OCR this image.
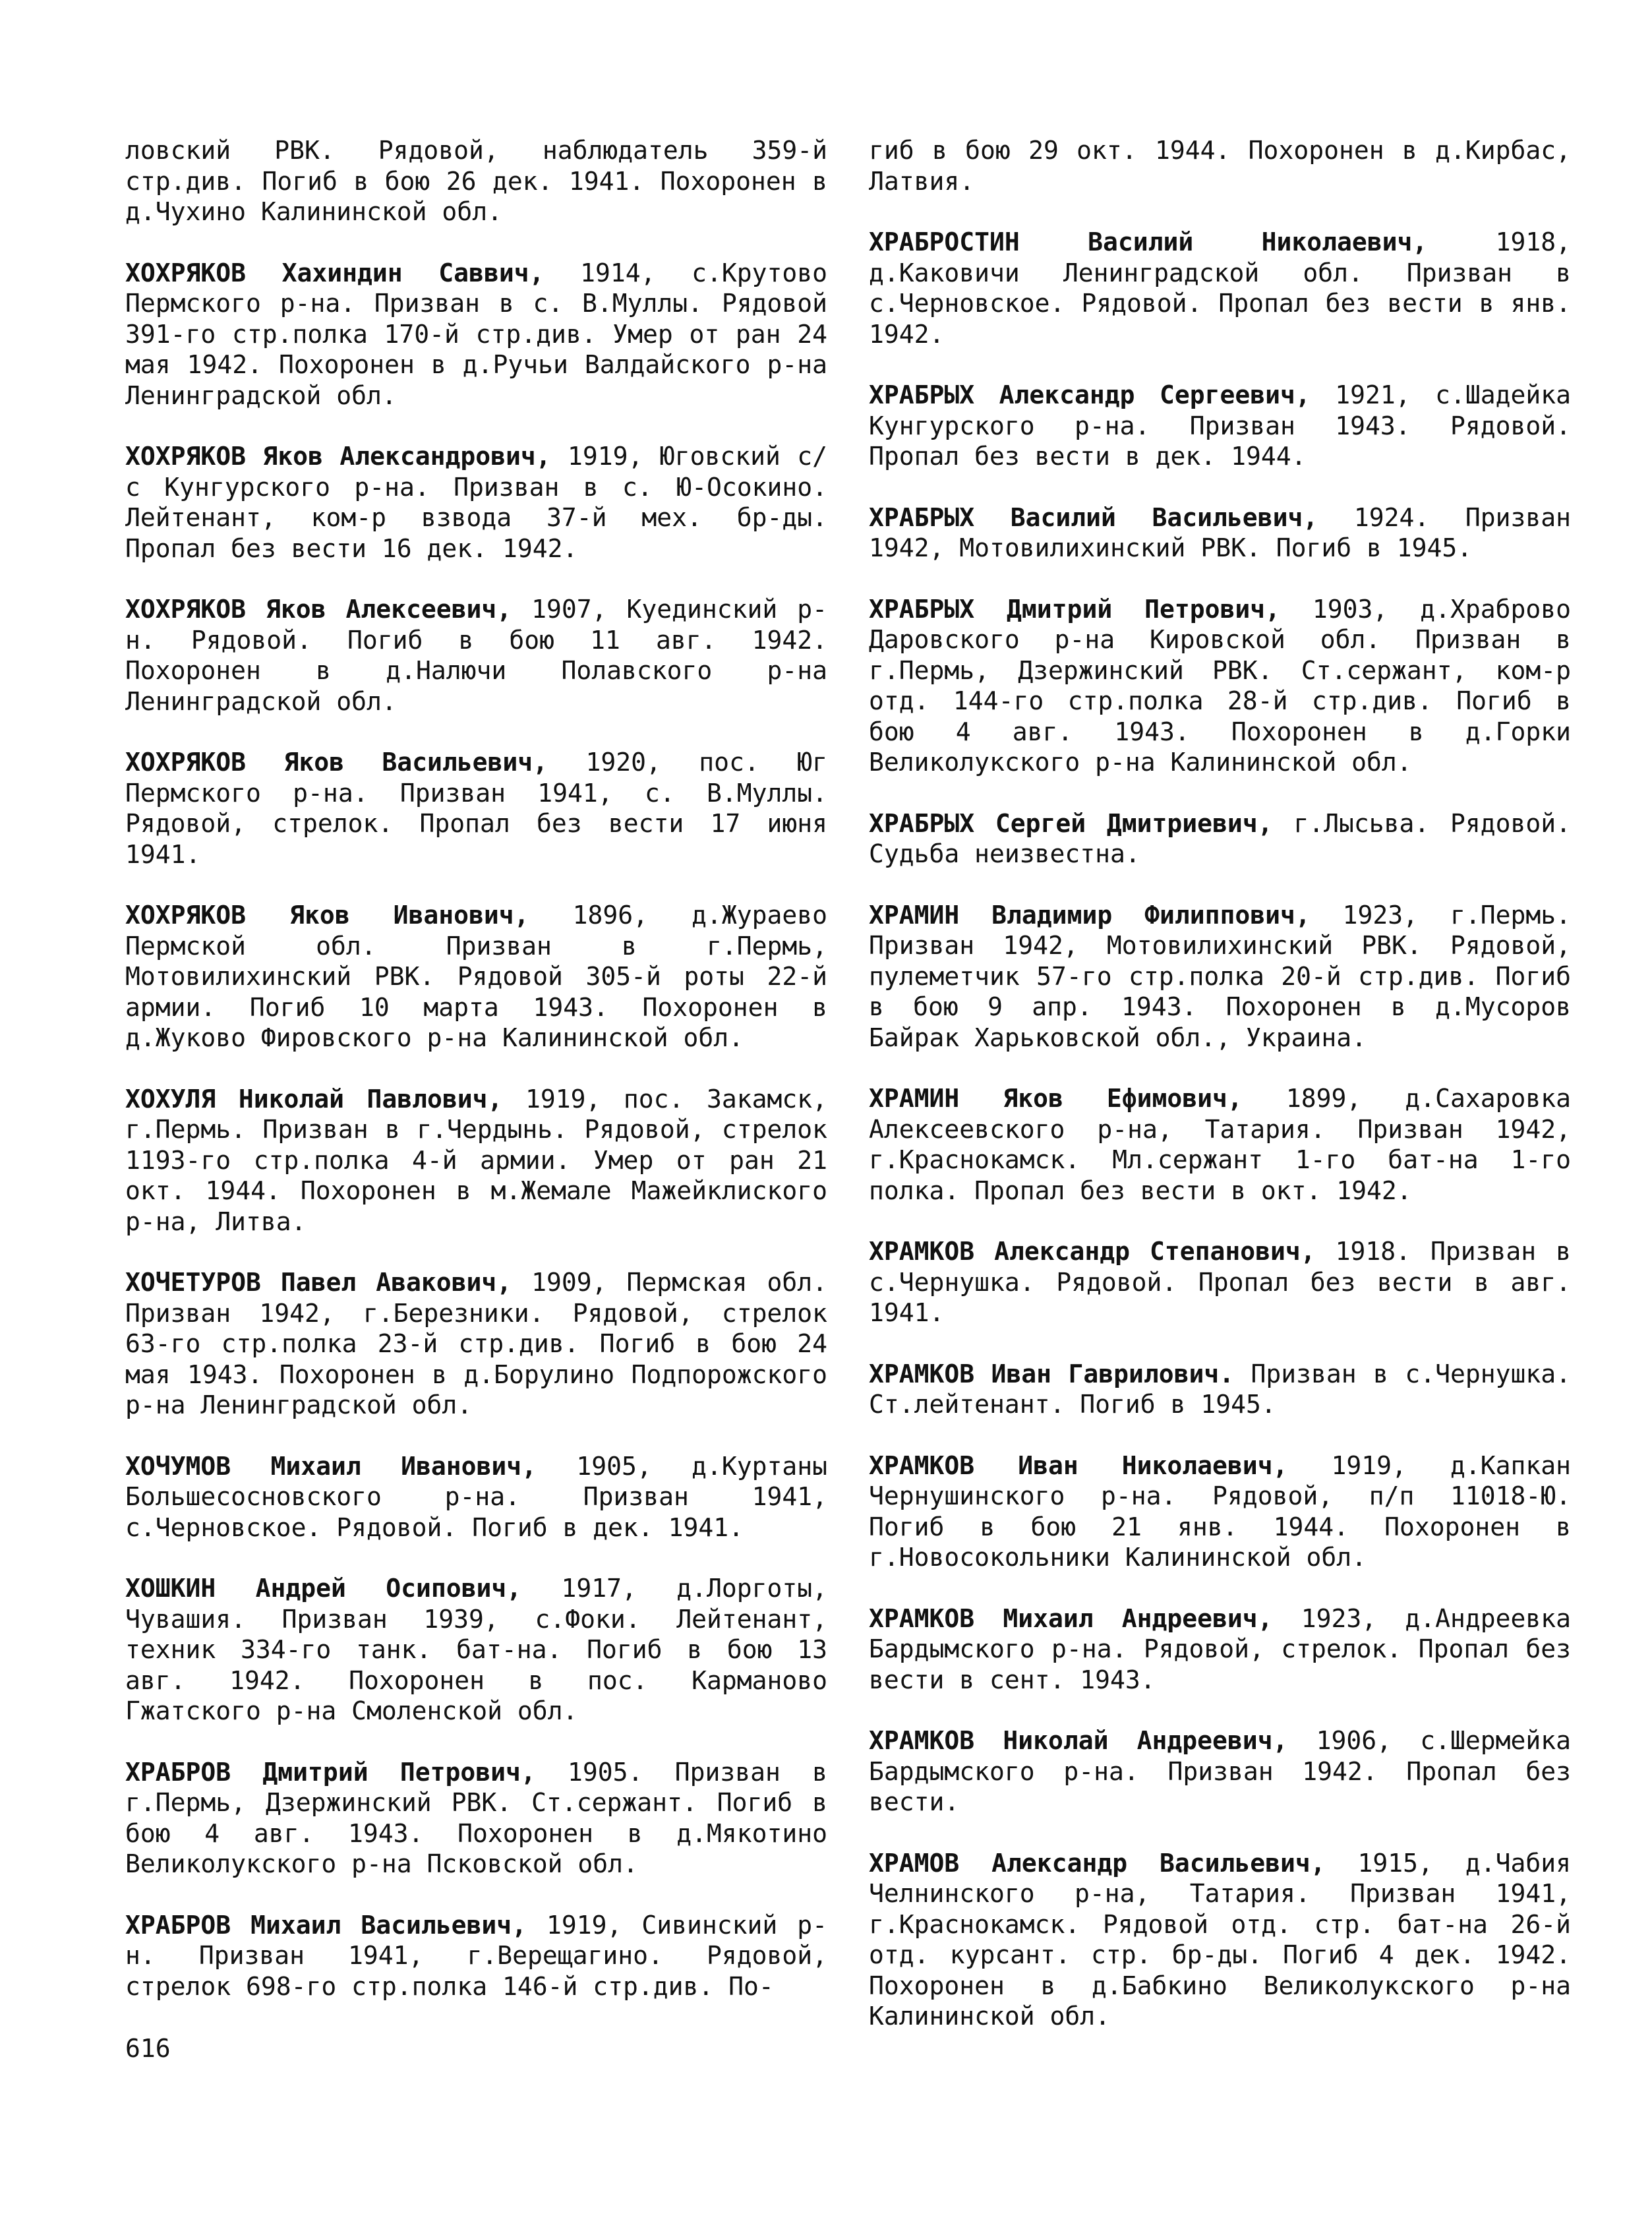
ловский РВК. Рядовой, наблюдатель 359-й стр.див. Погиб в бою 26 дек. 1941. Похоронен в д.Чухино Калининской обл.

ХОХРЯКОВ Хахиндин Саввич, 1914, с.Крутово Пермского р-на. Призван в с. В.Муллы. Рядовой 391-го стр.полка 170-й стр.див. Умер от ран 24 мая 1942. Похоронен в д.Ручьи Валдайского р-на Ленинградской обл.

ХОХРЯКОВ Яков Александрович, 1919, Юговский с/с Кунгурского р-на. Призван в с. Ю-Осокино. Лейтенант, ком-р взвода 37-й мех. бр-ды. Пропал без вести 16 дек. 1942.

ХОХРЯКОВ Яков Алексеевич, 1907, Куединский р-н. Рядовой. Погиб в бою 11 авг. 1942. Похоронен в д.Налючи Полавского р-на Ленинградской обл.

ХОХРЯКОВ Яков Васильевич, 1920, пос. Юг Пермского р-на. Призван 1941, с. В.Муллы. Рядовой, стрелок. Пропал без вести 17 июня 1941.

ХОХРЯКОВ Яков Иванович, 1896, д.Жураево Пермской обл. Призван в г.Пермь, Мотовилихинский РВК. Рядовой 305-й роты 22-й армии. Погиб 10 марта 1943. Похоронен в д.Жуково Фировского р-на Калининской обл.

ХОХУЛЯ Николай Павлович, 1919, пос. Закамск, г.Пермь. Призван в г.Чердынь. Рядовой, стрелок 1193-го стр.полка 4-й армии. Умер от ран 21 окт. 1944. Похоронен в м.Жемале Мажейклиского р-на, Литва.

ХОЧЕТУРОВ Павел Авакович, 1909, Пермская обл. Призван 1942, г.Березники. Рядовой, стрелок 63-го стр.полка 23-й стр.див. Погиб в бою 24 мая 1943. Похоронен в д.Борулино Подпорожского р-на Ленинградской обл.

ХОЧУМОВ Михаил Иванович, 1905, д.Куртаны Большесосновского р-на. Призван 1941, с.Черновское. Рядовой. Погиб в дек. 1941.

ХОШКИН Андрей Осипович, 1917, д.Лорготы, Чувашия. Призван 1939, с.Фоки. Лейтенант, техник 334-го танк. бат-на. Погиб в бою 13 авг. 1942. Похоронен в пос. Карманово Гжатского р-на Смоленской обл.

ХРАБРОВ Дмитрий Петрович, 1905. Призван в г.Пермь, Дзержинский РВК. Ст.сержант. Погиб в бою 4 авг. 1943. Похоронен в д.Мякотино Великолукского р-на Псковской обл.

ХРАБРОВ Михаил Васильевич, 1919, Сивинский р-н. Призван 1941, г.Верещагино. Рядовой, стрелок 698-го стр.полка 146-й стр.див. По-

гиб в бою 29 окт. 1944. Похоронен в д.Кирбас, Латвия.

ХРАБРОСТИН Василий Николаевич, 1918, д.Каковичи Ленинградской обл. Призван в с.Черновское. Рядовой. Пропал без вести в янв. 1942.

ХРАБРЫХ Александр Сергеевич, 1921, с.Шадейка Кунгурского р-на. Призван 1943. Рядовой. Пропал без вести в дек. 1944.

ХРАБРЫХ Василий Васильевич, 1924. Призван 1942, Мотовилихинский РВК. Погиб в 1945.

ХРАБРЫХ Дмитрий Петрович, 1903, д.Храброво Даровского р-на Кировской обл. Призван в г.Пермь, Дзержинский РВК. Ст.сержант, ком-р отд. 144-го стр.полка 28-й стр.див. Погиб в бою 4 авг. 1943. Похоронен в д.Горки Великолукского р-на Калининской обл.

ХРАБРЫХ Сергей Дмитриевич, г.Лысьва. Рядовой. Судьба неизвестна.

ХРАМИН Владимир Филиппович, 1923, г.Пермь. Призван 1942, Мотовилихинский РВК. Рядовой, пулеметчик 57-го стр.полка 20-й стр.див. Погиб в бою 9 апр. 1943. Похоронен в д.Мусоров Байрак Харьковской обл., Украина.

ХРАМИН Яков Ефимович, 1899, д.Сахаровка Алексеевского р-на, Татария. Призван 1942, г.Краснокамск. Мл.сержант 1-го бат-на 1-го полка. Пропал без вести в окт. 1942.

ХРАМКОВ Александр Степанович, 1918. Призван в с.Чернушка. Рядовой. Пропал без вести в авг. 1941.

ХРАМКОВ Иван Гаврилович. Призван в с.Чернушка. Ст.лейтенант. Погиб в 1945.

ХРАМКОВ Иван Николаевич, 1919, д.Капкан Чернушинского р-на. Рядовой, п/п 11018-Ю. Погиб в бою 21 янв. 1944. Похоронен в г.Новосокольники Калининской обл.

ХРАМКОВ Михаил Андреевич, 1923, д.Андреевка Бардымского р-на. Рядовой, стрелок. Пропал без вести в сент. 1943.

ХРАМКОВ Николай Андреевич, 1906, с.Шермейка Бардымского р-на. Призван 1942. Пропал без вести.

ХРАМОВ Александр Васильевич, 1915, д.Чабия Челнинского р-на, Татария. Призван 1941, г.Краснокамск. Рядовой отд. стр. бат-на 26-й отд. курсант. стр. бр-ды. Погиб 4 дек. 1942. Похоронен в д.Бабкино Великолукского р-на Калининской обл.

616
